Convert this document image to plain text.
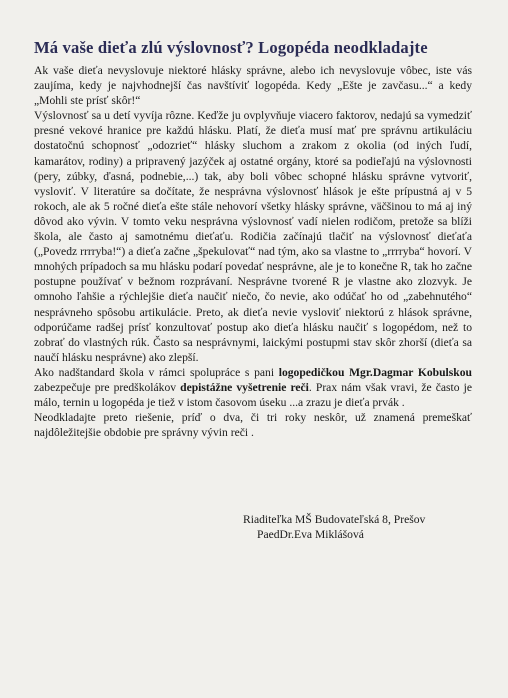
Má vaše dieťa zlú výslovnosť? Logopéda neodkladajte

Ak vaše dieťa nevyslovuje niektoré hlásky správne, alebo ich nevyslovuje vôbec, iste vás zaujíma, kedy je najvhodnejší čas navštíviť logopéda. Kedy „Ešte je zavčasu...“ a kedy „Mohli ste prísť skôr!“

Výslovnosť sa u detí vyvíja rôzne. Keďže ju ovplyvňuje viacero faktorov, nedajú sa vymedziť presné vekové hranice pre každú hlásku. Platí, že dieťa musí mať pre správnu artikuláciu dostatočnú schopnosť „odozrieť“ hlásky sluchom a zrakom z okolia (od iných ľudí, kamarátov, rodiny) a pripravený jazýček aj ostatné orgány, ktoré sa podieľajú na výslovnosti (pery, zúbky, ďasná, podnebie,...) tak, aby boli vôbec schopné hlásku správne vytvoriť, vysloviť. V literatúre sa dočítate, že nesprávna výslovnosť hlások je ešte prípustná aj v 5 rokoch, ale ak 5 ročné dieťa ešte stále nehovorí všetky hlásky správne, väčšinou to má aj iný dôvod ako vývin. V tomto veku nesprávna výslovnosť vadí nielen rodičom, pretože sa blíži škola, ale často aj samotnému dieťaťu. Rodičia začínajú tlačiť na výslovnosť dieťaťa („Povedz rrrryba!“) a dieťa začne „špekulovať“ nad tým, ako sa vlastne to „rrrryba“ hovorí. V mnohých prípadoch sa mu hlásku podarí povedať nesprávne, ale je to konečne R, tak ho začne postupne používať v bežnom rozprávaní. Nesprávne tvorené R je vlastne ako zlozvyk. Je omnoho ľahšie a rýchlejšie dieťa naučiť niečo, čo nevie, ako odúčať ho od „zabehnutého“ nesprávneho spôsobu artikulácie. Preto, ak dieťa nevie vysloviť niektorú z hlások správne, odporúčame radšej prísť konzultovať postup ako dieťa hlásku naučiť s logopédom, než to zobrať do vlastných rúk. Často sa nesprávnymi, laickými postupmi stav skôr zhorší (dieťa sa naučí hlásku nesprávne) ako zlepší.

Ako nadštandard škola v rámci spolupráce s pani logopedičkou Mgr.Dagmar Kobulskou zabezpečuje pre predškolákov depistážne vyšetrenie reči. Prax nám však vravi, že často je málo, ternin u logopéda je tiež v istom časovom úseku ...a zrazu je dieťa prvák .

Neodkladajte preto riešenie, príď o dva, či tri roky neskôr, už znamená premeškať najdôležitejšie obdobie pre správny vývin reči .

Riaditeľka MŠ Budovateľská 8, Prešov
PaedDr.Eva Miklášová
